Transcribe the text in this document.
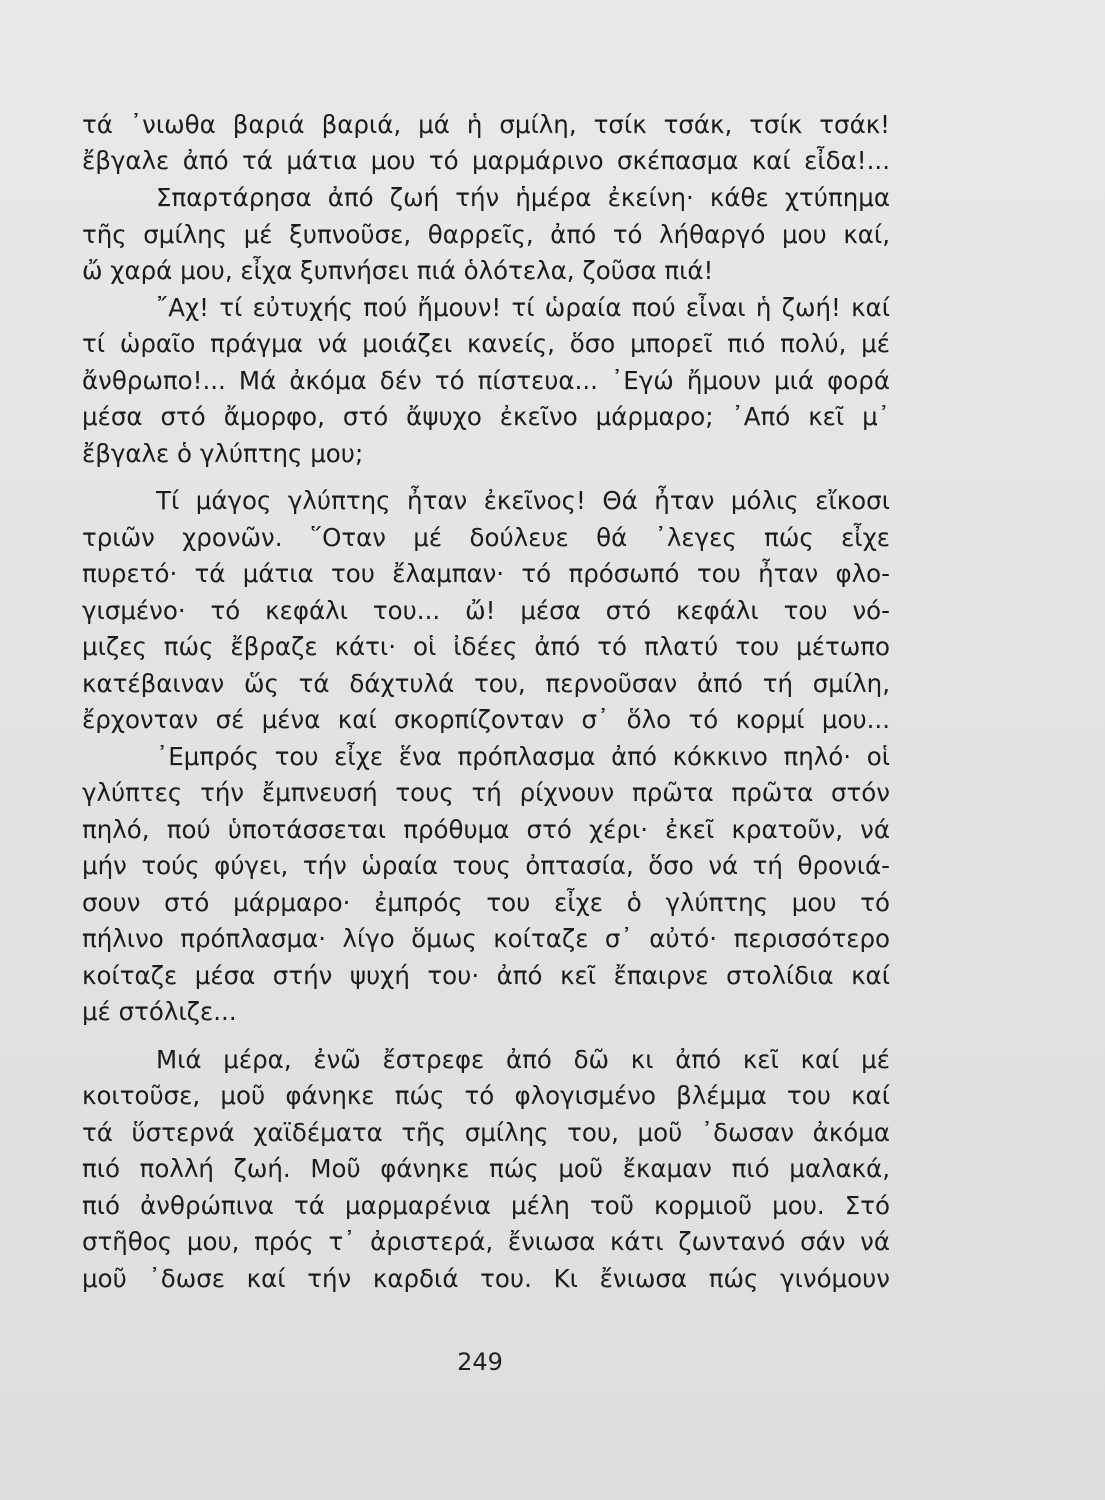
τά ᾽νιωθα βαριά βαριά, μά ἡ σμίλη, τσίκ τσάκ, τσίκ τσάκ!
ἔβγαλε ἀπό τά μάτια μου τό μαρμάρινο σκέπασμα καί εἶδα!...
Σπαρτάρησα ἀπό ζωή τήν ἡμέρα ἐκείνη· κάθε χτύπημα
τῆς σμίλης μέ ξυπνοῦσε, θαρρεῖς, ἀπό τό λήθαργό μου καί,
ὤ χαρά μου, εἶχα ξυπνήσει πιά ὁλότελα, ζοῦσα πιά!
῎Αχ! τί εὐτυχής πού ἤμουν! τί ὡραία πού εἶναι ἡ ζωή! καί
τί ὡραῖο πράγμα νά μοιάζει κανείς, ὅσο μπορεῖ πιό πολύ, μέ
ἄνθρωπο!... Μά ἀκόμα δέν τό πίστευα... ᾽Εγώ ἤμουν μιά φορά
μέσα στό ἄμορφο, στό ἄψυχο ἐκεῖνο μάρμαρο; ᾽Από κεῖ μ᾽
ἔβγαλε ὁ γλύπτης μου;
Τί μάγος γλύπτης ἦταν ἐκεῖνος! Θά ἦταν μόλις εἴκοσι
τριῶν χρονῶν. ῞Οταν μέ δούλευε θά ᾽λεγες πώς εἶχε
πυρετό· τά μάτια του ἔλαμπαν· τό πρόσωπό του ἦταν φλο-
γισμένο· τό κεφάλι του... ὤ! μέσα στό κεφάλι του νό-
μιζες πώς ἔβραζε κάτι· οἱ ἰδέες ἀπό τό πλατύ του μέτωπο
κατέβαιναν ὥς τά δάχτυλά του, περνοῦσαν ἀπό τή σμίλη,
ἔρχονταν σέ μένα καί σκορπίζονταν σ᾽ ὅλο τό κορμί μου...
᾽Εμπρός του εἶχε ἕνα πρόπλασμα ἀπό κόκκινο πηλό· οἱ
γλύπτες τήν ἔμπνευσή τους τή ρίχνουν πρῶτα πρῶτα στόν
πηλό, πού ὑποτάσσεται πρόθυμα στό χέρι· ἐκεῖ κρατοῦν, νά
μήν τούς φύγει, τήν ὡραία τους ὀπτασία, ὅσο νά τή θρονιά-
σουν στό μάρμαρο· ἐμπρός του εἶχε ὁ γλύπτης μου τό
πήλινο πρόπλασμα· λίγο ὅμως κοίταζε σ᾽ αὐτό· περισσότερο
κοίταζε μέσα στήν ψυχή του· ἀπό κεῖ ἔπαιρνε στολίδια καί
μέ στόλιζε...
Μιά μέρα, ἐνῶ ἔστρεφε ἀπό δῶ κι ἀπό κεῖ καί μέ
κοιτοῦσε, μοῦ φάνηκε πώς τό φλογισμένο βλέμμα του καί
τά ὕστερνά χαϊδέματα τῆς σμίλης του, μοῦ ᾽δωσαν ἀκόμα
πιό πολλή ζωή. Μοῦ φάνηκε πώς μοῦ ἔκαμαν πιό μαλακά,
πιό ἀνθρώπινα τά μαρμαρένια μέλη τοῦ κορμιοῦ μου. Στό
στῆθος μου, πρός τ᾽ ἀριστερά, ἔνιωσα κάτι ζωντανό σάν νά
μοῦ ᾽δωσε καί τήν καρδιά του. Κι ἔνιωσα πώς γινόμουν
249
